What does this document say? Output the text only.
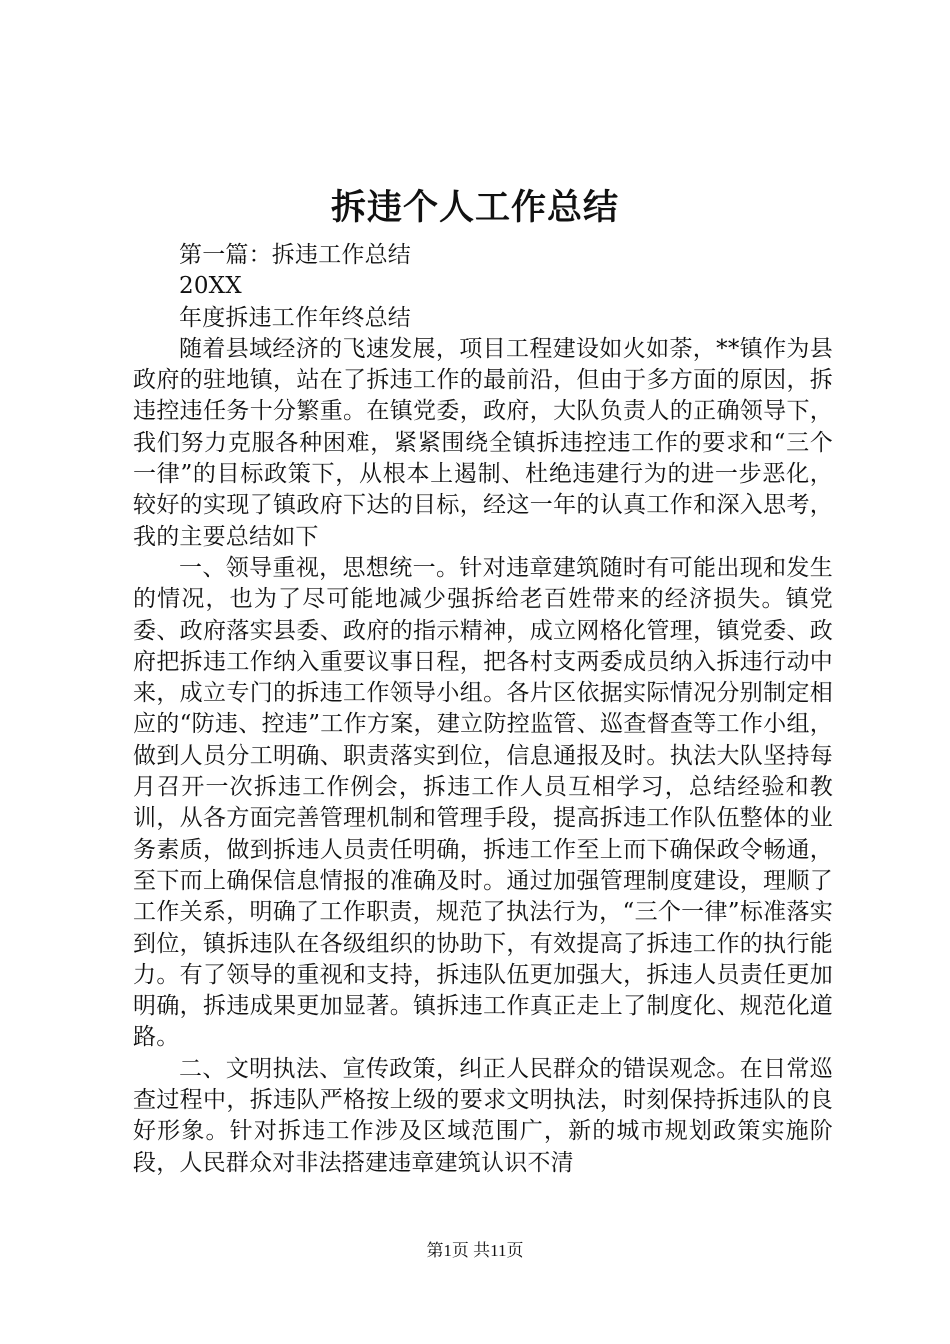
拆违个人工作总结

第一篇：拆违工作总结

20XX

年度拆违工作年终总结

随着县域经济的飞速发展，项目工程建设如火如荼，**镇作为县政府的驻地镇，站在了拆违工作的最前沿，但由于多方面的原因，拆违控违任务十分繁重。在镇党委，政府，大队负责人的正确领导下，我们努力克服各种困难，紧紧围绕全镇拆违控违工作的要求和“三个一律”的目标政策下，从根本上遏制、杜绝违建行为的进一步恶化，较好的实现了镇政府下达的目标，经这一年的认真工作和深入思考，我的主要总结如下

一、领导重视，思想统一。针对违章建筑随时有可能出现和发生的情况，也为了尽可能地减少强拆给老百姓带来的经济损失。镇党委、政府落实县委、政府的指示精神，成立网格化管理，镇党委、政府把拆违工作纳入重要议事日程，把各村支两委成员纳入拆违行动中来，成立专门的拆违工作领导小组。各片区依据实际情况分别制定相应的“防违、控违”工作方案，建立防控监管、巡查督查等工作小组，做到人员分工明确、职责落实到位，信息通报及时。执法大队坚持每月召开一次拆违工作例会，拆违工作人员互相学习，总结经验和教训，从各方面完善管理机制和管理手段，提高拆违工作队伍整体的业务素质，做到拆违人员责任明确，拆违工作至上而下确保政令畅通，至下而上确保信息情报的准确及时。通过加强管理制度建设，理顺了工作关系，明确了工作职责，规范了执法行为，“三个一律”标准落实到位，镇拆违队在各级组织的协助下，有效提高了拆违工作的执行能力。有了领导的重视和支持，拆违队伍更加强大，拆违人员责任更加明确，拆违成果更加显著。镇拆违工作真正走上了制度化、规范化道路。

二、文明执法、宣传政策，纠正人民群众的错误观念。在日常巡查过程中，拆违队严格按上级的要求文明执法，时刻保持拆违队的良好形象。针对拆违工作涉及区域范围广，新的城市规划政策实施阶段，人民群众对非法搭建违章建筑认识不清

第1页 共11页
